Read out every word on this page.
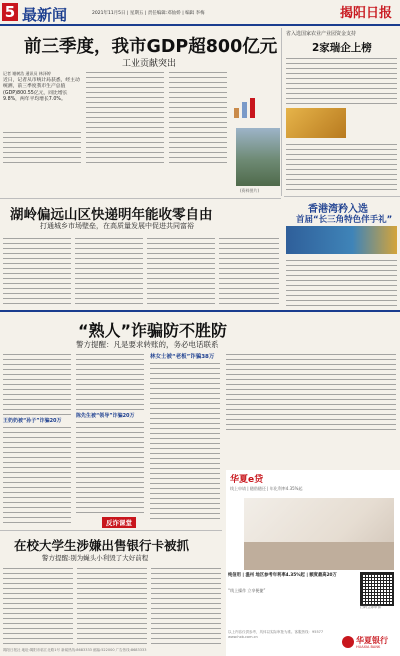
5 最新闻	2021年11月5日 | 星期五 | 责任编辑:邓仙娇 | 编辑 李梅	揭阳日报
前三季度，我市GDP超800亿元
工业贡献突出
记者 谢树浩 通讯员 林泽婷
近日，记者从市统计局获悉，经主动统测，前三季度我市生产总值(GDP)800.55亿元，同比增长9.8%，两年平均增长7.0%。
省入选国家农业产业园资金支持
2家瑞企上榜
(资料图片)
湖岭偏远山区快递明年能收零自由
打通城乡市场壁垒，在高质量发展中促进共同富裕
香港湾矜入选
首届“长三角特色伴手礼”
“熟人”诈骗防不胜防
警方提醒：凡是要求转账的，务必电话联系
王奶奶被“孙子”诈骗20万
陈先生被“领导”诈骗20万
反诈课堂
林女士被“老板”诈骗38万
华夏e贷
线上申请 | 随借随还 | 年化利率4.35%起
纯信用 | 温州 地区参考年利率4.35%起 | 额度最高20万
“线上操作 立享便捷”
扫码立即申请
以上内容仅供参考，具体以实际审批为准。客服热线：95577 www.hxb.com.cn	华夏银行
HUAXIA BANK
在校大学生涉嫌出售银行卡被抓
警方提醒:别为蝇头小利毁了大好前程
揭阳日报社 地址:揭阳市临江北路1号 新闻热线:8683333 邮编:522000 广告热线:8683333
